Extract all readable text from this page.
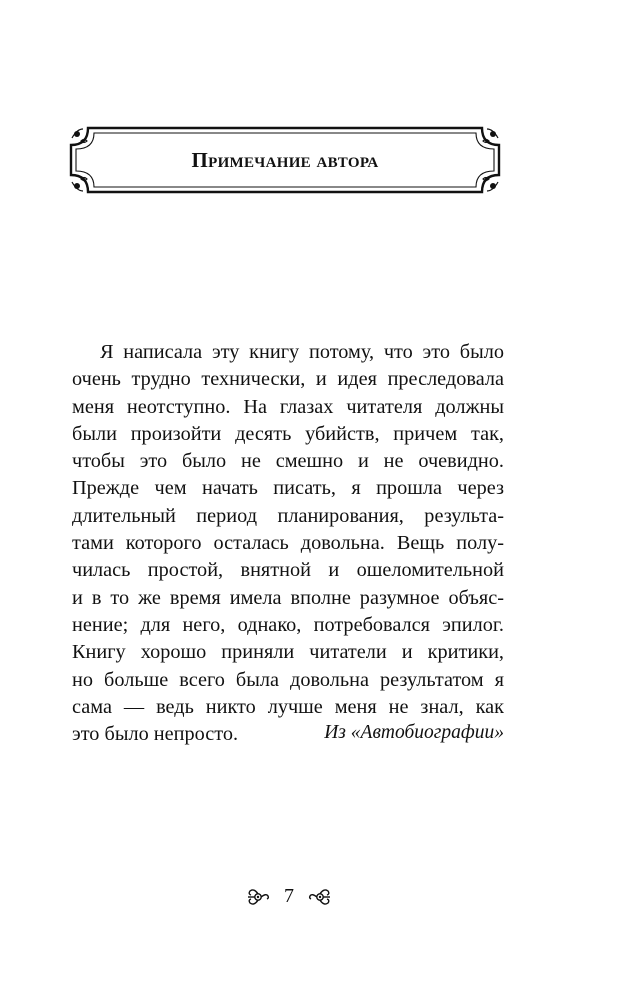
Примечание автора
Я написала эту книгу потому, что это было
очень трудно технически, и идея преследовала
меня неотступно. На глазах читателя должны
были произойти десять убийств, причем так,
чтобы это было не смешно и не очевидно.
Прежде чем начать писать, я прошла через
длительный период планирования, результа-
тами которого осталась довольна. Вещь полу-
чилась простой, внятной и ошеломительной
и в то же время имела вполне разумное объяс-
нение; для него, однако, потребовался эпилог.
Книгу хорошо приняли читатели и критики,
но больше всего была довольна результатом я
сама — ведь никто лучше меня не знал, как
это было непросто.	Из «Автобиографии»
7
